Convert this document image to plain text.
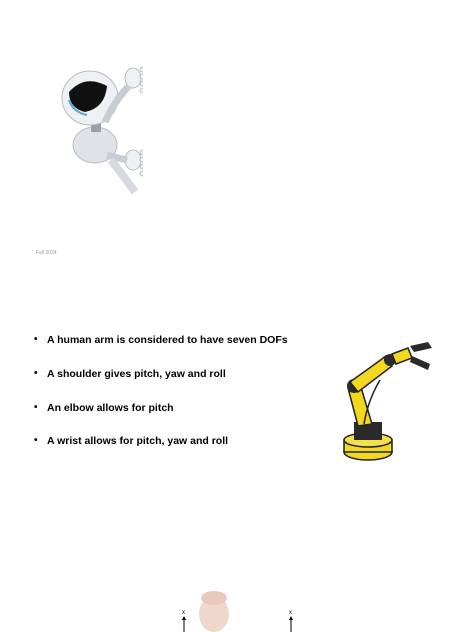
Fall 2024
• A human arm is considered to have seven DOFs
• A shoulder gives pitch, yaw and roll
• An elbow allows for pitch
• A wrist allows for pitch, yaw and roll
x	x
